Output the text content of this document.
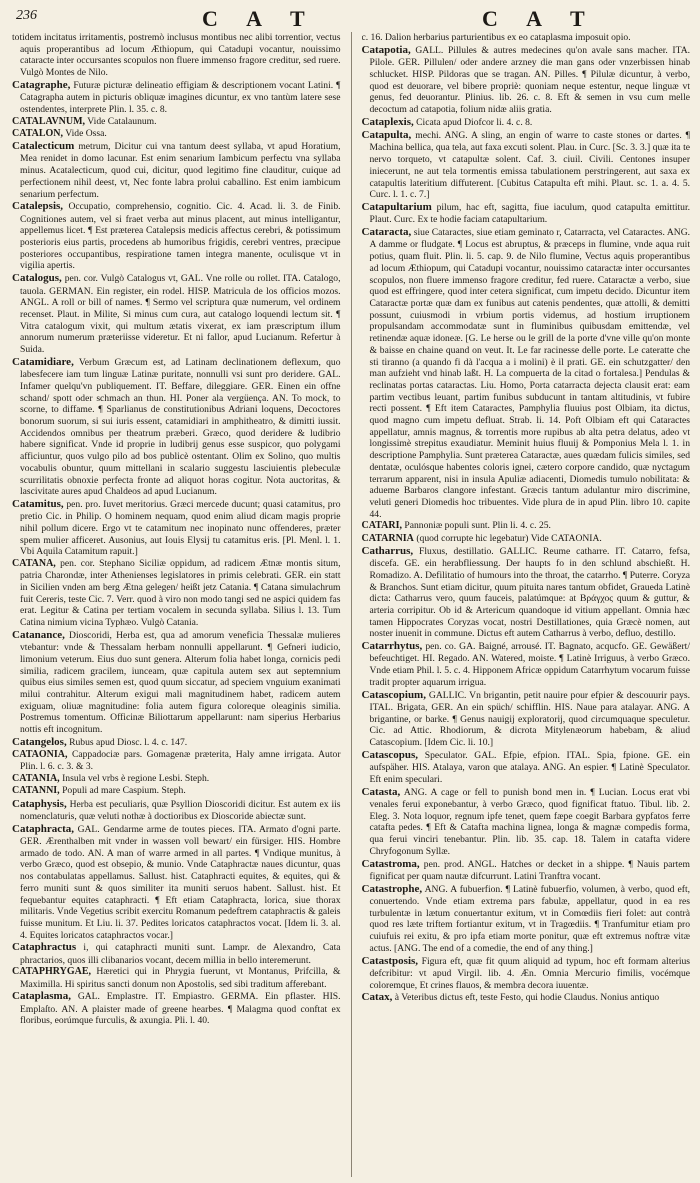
236	C A T	C A T

totidem incitatus irritamentis, postremò inclusus montibus nec alibi torrentior, vectus aquis properantibus ad locum Æthiopum, qui Catadupi vocantur, nouissimo cataracte inter occursantes scopulos non fluere immenso fragore creditur, sed ruere. Vulgò Montes de Nilo.

Catagraphe, Futuræ picturæ delineatio effigiam & descriptionem vocant Latini. ¶ Catagrapha autem in picturis obliquæ imagines dicuntur, ex vno tantùm latere sese ostendentes, interprete Plin. l. 35. c. 8.

CATALAVNUM, Vide Catalaunum.

CATALON, Vide Ossa.

Catalecticum metrum, Dicitur cui vna tantum deest syllaba, vt apud Horatium, Mea renidet in domo lacunar. Est enim senarium Iambicum perfectu vna syllaba minus. Acatalecticum, quod cui, dicitur, quod legitimo fine clauditur, cuique ad perfectionem nihil deest, vt, Nec fonte labra prolui caballino. Est enim iambicum senarium perfectum.

Catalepsis, Occupatio, comprehensio, cognitio. Cic. 4. Acad. li. 3. de Finib. Cognitiones autem, vel si fraet verba aut minus placent, aut minus intelligantur, appellemus licet. ¶ Est præterea Catalepsis medicis affectus cerebri, & potissimum posterioris eius partis, procedens ab humoribus frigidis, cerebri ventres, præcipue posteriores occupantibus, respiratione tamen integra manente, oculisque vt in vigilia apertis.

Catalogus, pen. cor. Vulgò Catalogus vt, GAL. Vne rolle ou rollet. ITA. Catalogo, tauola. GERMAN. Ein register, ein rodel. HISP. Matricula de los officios mozos. ANGL. A roll or bill of names. ¶ Sermo vel scriptura quæ numerum, vel ordinem recenset. Plaut. in Milite, Si minus cum cura, aut catalogo loquendi lectum sit. ¶ Vitra catalogum vixit, qui multum ætatis vixerat, ex iam præscriptum illum annorum numerum præteriisse videretur. Et ni fallor, apud Lucianum. Refertur à Suida.

Catamidiare, Verbum Græcum est, ad Latinam declinationem deflexum, quo labesfecere iam tum linguæ Latinæ puritate, nonnulli vsi sunt pro deridere. GAL. Infamer quelqu'vn publiquement. IT. Beffare, dileggiare. GER. Einen ein offne schand/ spott oder schmach an thun. HI. Poner ala vergüença. AN. To mock, to scorne, to diffame. ¶ Sparlianus de constitutionibus Adriani loquens, Decoctores bonorum suorum, si sui iuris essent, catamidiari in amphitheatro, & dimitti iussit. Accidendos omnibus per theatrum præberi. Græco, quod deridere & ludibrio habere significat. Vnde id proprie in ludibrij genus esse suspicor, quo polygami afficiuntur, quos vulgo pilo ad bos publicè ostentant. Olim ex Solino, quo multis vocabulis obuntur, quum mittellani in scalario suggestu lasciuientis plebeculæ scurrilitatis obnoxie perfecta fronte ad aliquot horas cogitur. Nota auctoritas, & lascivitate aures apud Chaldeos ad apud Lucianum.

Catamitus, pen. pro. Iuvet meritorius. Græci mercede ducunt; quasi catamitus, pro pretio Cic. in Philip. O hominem nequam, quod enim aliud dicam magis proprie nihil pollum dicere. Ergo vt te catamitum nec inopinato nunc offenderes, præter spem mulier afficeret. Ausonius, aut Iouis Elysij tu catamitus eris. [Pl. Menl. l. 1. Vbi Aquila Catamitum rapuit.]

CATANA, pen. cor. Stephano Siciliæ oppidum, ad radicem Ætnæ montis situm, patria Charondæ, inter Athenienses legislatores in primis celebrati. GER. ein statt in Sicilien vnden am berg Ætna gelegen/ heißt jetz Catania. ¶ Catana simulachrum fuit Cereris, teste Cic. 7. Verr. quod à viro non modo tangi sed ne aspici quidem fas erat. Legitur & Catina per tertiam vocalem in secunda syllaba. Silius l. 13. Tum Catina nimium vicina Typhæo. Vulgò Catania.

Catanance, Dioscoridi, Herba est, qua ad amorum veneficia Thessalæ mulieres vtebantur: vnde & Thessalam herbam nonnulli appellarunt. ¶ Gefneri iudicio, limonium veterum. Eius duo sunt genera. Alterum folia habet longa, cornicis pedi similia, radicem gracilem, iunceam, quæ capitula autem sex aut septemnium quibus eius similes semen est, quod quum siccatur, ad speciem vnguium exanimati milui contrahitur. Alterum exigui mali magnitudinem habet, radicem autem exiguam, oliuæ magnitudine: folia autem figura coloreque oleaginis similia. Postremus tomentum. Officinæ Biliottarum appellarunt: nam siperius Herbarius nottis eft incognitum.

Catangelos, Rubus apud Diosc. l. 4. c. 147.

CATAONIA, Cappadociæ pars. Gomagenæ præterita, Haly amne irrigata. Autor Plin. l. 6. c. 3. & 3.

CATANIA, Insula vel vrbs è regione Lesbi. Steph.

CATANNI, Populi ad mare Caspium. Steph.

Cataphysis, Herba est peculiaris, quæ Psyllion Dioscoridi dicitur. Est autem ex iis nomenclaturis, quæ veluti nothæ à doctioribus ex Dioscoride abiectæ sunt.

Cataphracta, GAL. Gendarme arme de toutes pieces. ITA. Armato d'ogni parte. GER. Ærenthalben mit vnder in wassen voll bewart/ ein fürsiger. HIS. Hombre armado de todo. AN. A man of warre armed in all partes. ¶ Vndique munitus, à verbo Græco, quod est obsepio, & munio. Vnde Cataphractæ naues dicuntur, quas nos contabulatas appellamus. Sallust. hist. Cataphracti equites, & equites, qui & ferro muniti sunt & quos similiter ita muniti seruos habent. Sallust. hist. Et fequebantur equites cataphracti. ¶ Eft etiam Cataphracta, lorica, siue thorax militaris. Vnde Vegetius scribit exercitu Romanum pedeftrem cataphractis & galeis fuisse munitum. Et Liu. li. 37. Pedites loricatos cataphractos vocat. [Idem li. 3. al. 4. Equites loricatos cataphractos vocar.]

Cataphractus i, qui cataphracti muniti sunt. Lampr. de Alexandro, Cata phractarios, quos illi clibanarios vocant, decem millia in bello interemerunt.

CATAPHRYGAE, Hæretici qui in Phrygia fuerunt, vt Montanus, Prifcilla, & Maximilla. Hi spiritus sancti donum non Apostolis, sed sibi traditum afferebant.

Cataplasma, GAL. Emplastre. IT. Empiastro. GERMA. Ein pflaster. HIS. Emplaſto. AN. A plaister made of greene hearbes. ¶ Malagma quod conftat ex floribus, eorúmque furculis, & axungia. Pli. l. 40.

c. 16. Dalion herbarius parturientibus ex eo cataplasma imposuit opio.

Catapotia, GALL. Pillules & autres medecines qu'on avale sans macher. ITA. Pilole. GER. Pillulen/ oder andere arzney die man gans oder vnzerbissen hinab schlucket. HISP. Pildoras que se tragan. AN. Pilles. ¶ Pilulæ dicuntur, à verbo, quod est deuorare, vel bibere propriè: quoniam neque estentur, neque linguæ vt genus, fed deuorantur. Plinius. lib. 26. c. 8. Eft & semen in vsu cum melle decoctum ad catapotia, folium nidæ aliis gratia.

Cataplexis, Cicata apud Diofcor li. 4. c. 8.

Catapulta, mechi. ANG. A sling, an engin of warre to caste stones or dartes. ¶ Machina bellica, qua tela, aut faxa excuti solent. Plau. in Curc. [Sc. 3. 3.] quæ ita te nervo torqueto, vt catapultæ solent. Caf. 3. ciuil. Civili. Centones insuper iniecerunt, ne aut tela tormentis emissa tabulationem perstringerent, aut saxa ex catapultis lateritium diffuterent. [Cubitus Catapulta eft mihi. Plaut. sc. 1. a. 4. 5. Curc. l. 1. c. 7.]

Catapultarium pilum, hac eft, sagitta, fiue iaculum, quod catapulta emittitur. Plaut. Curc. Ex te hodie faciam catapultarium.

Cataracta, siue Cataractes, siue etiam geminato r, Catarracta, vel Cataractes. ANG. A damme or fludgate. ¶ Locus est abruptus, & præceps in flumine, vnde aqua ruit potius, quam fluit. Plin. li. 5. cap. 9. de Nilo flumine, Vectus aquis properantibus ad locum Æthiopum, qui Catadupi vocantur, nouissimo cataractæ inter occursantes scopulos, non fluere immenso fragore creditur, fed ruere. Cataractæ a verbo, siue quod est effringere, quod inter cetera significat, cum impetu decido. Dicuntur item Cataractæ portæ quæ dam ex funibus aut catenis pendentes, quæ attolli, & demitti possunt, cuiusmodi in vrbium portis videmus, ad hostium irruptionem propulsandam accommodatæ sunt in fluminibus quibusdam emittendæ, vel retinendæ aquæ idoneæ. [G. Le herse ou le grill de la porte d'vne ville qu'on monte & baisse en chaine quand on veut. It. Le far racinesse delle porte. Le cateratte che sti tiranno (a quando fi dà l'acqua a i molini) è il prati. GE. ein schutzgatter/ den man aufzieht vnd hinab laßt. H. La compuerta de la citad o fortalesa.] Pendulas & reclinatas portas cataractas. Liu. Homo, Porta catarracta dejecta clausit erat: eam partim vectibus leuant, partim funibus subducunt in tantam altitudinis, vt fubire recti possent. ¶ Eft item Cataractes, Pamphylia fluuius post Olbiam, ita dictus, quod magno cum impetu defluat. Strab. li. 14. Poft Olbiam eft qui Cataractes appellatur, amnis magnus, & torrentis more rupibus ab alta petra delatus, adeo vt longissimè strepitus exaudiatur. Meminit huius fluuij & Pomponius Mela l. 1. in descriptione Pamphylia. Sunt præterea Cataractæ, aues quædam fulicis similes, sed dentatæ, oculósque habentes coloris ignei, cætero corpore candido, quæ nyctagum terrarum apparent, nisi in insula Apuliæ adiacenti, Diomedis tumulo nobilitata: & adueme Barbaros clangore infestant. Græcis tantum adulantur miro discrimine, veluti generi Diomedis hoc tribuentes. Vide plura de in apud Plin. libro 10. capite 44.

CATARI, Pannoniæ populi sunt. Plin li. 4. c. 25.

CATARNIA (quod corrupte hic legebatur) Vide CATAONIA.

Catharrus, Fluxus, destillatio. GALLIC. Reume catharre. IT. Catarro, fefsa, discefa. GE. ein herabfliessung. Der haupts fo in den schlund abschießt. H. Romadizo. A. Defilitatio of humours into the throat, the catarrho. ¶ Puterre. Coryza & Branchos. Sunt etiam dicitur, quum pituita nares tantum obfidet, Graueda Latinè dicta: Catharrus vero, quum fauceis, palatúmque: at Βράγχος quum & guttur, & arteria corripitur. Ob id & Artericum quandoque id vitium appellant. Omnia hæc tamen Hippocrates Coryzas vocat, nostri Destillationes, quia Græcè nomen, aut noster inuenit in commune. Dictus eft autem Catharrus à verbo, defluo, destillo.

Catarrhytus, pen. co. GA. Baigné, arrousé. IT. Bagnato, acqucfo. GE. Gewäßert/ befeuchtiget. HI. Regado. AN. Watered, moiste. ¶ Latinè Irriguus, à verbo Græco. Vnde etiam Phil. l. 5. c. 4. Hipponem Africæ oppidum Catarrhytum vocarum fuisse tradit propter aquarum irrigua.

Catascopium, GALLIC. Vn brigantin, petit nauire pour efpier & descouurir pays. ITAL. Brigata, GER. An ein spüch/ schifflin. HIS. Naue para atalayar. ANG. A brigantine, or barke. ¶ Genus nauigij exploratorij, quod circumquaque speculetur. Cic. ad Attic. Rhodiorum, & dicrota Mitylenæorum habebam, & aliud Catascopium. [Idem Cic. li. 10.]

Catascopus, Speculator. GAL. Efpie, efpion. ITAL. Spia, fpione. GE. ein aufspäher. HIS. Atalaya, varon que atalaya. ANG. An espier. ¶ Latinè Speculator. Eft enim speculari.

Catasta, ANG. A cage or fell to punish bond men in. ¶ Lucian. Locus erat vbi venales ferui exponebantur, à verbo Græco, quod fignificat ftatuo. Tibul. lib. 2. Eleg. 3. Nota loquor, regnum ipfe tenet, quem fæpe coegit Barbara gypfatos ferre catafta pedes. ¶ Eft & Catafta machina lignea, longa & magnæ compedis forma, qua ferui vinciri tenebantur. Plin. lib. 35. cap. 18. Talem in catafta videre Chryfogonum Syllæ.

Catastroma, pen. prod. ANGL. Hatches or decket in a shippe. ¶ Nauis partem fignificat per quam nautæ difcurrunt. Latini Tranftra vocant.

Catastrophe, ANG. A fubuerfion. ¶ Latinè fubuerfio, volumen, à verbo, quod eft, conuertendo. Vnde etiam extrema pars fabulæ, appellatur, quod in ea res turbulentæ in lætum conuertantur exitum, vt in Comœdiis fieri folet: aut contrà quod res læte triftem fortiantur exitum, vt in Tragœdiis. ¶ Tranfumitur etiam pro cuiufuis rei exitu, & pro ipfa etiam morte ponitur, quæ eft extremus noftræ vitæ actus. [ANG. The end of a comedie, the end of any thing.]

Catastposis, Figura eft, quæ fit quum aliquid ad typum, hoc eft formam alterius defcribitur: vt apud Virgil. lib. 4. Æn. Omnia Mercurio fimilis, vocémque coloremque, Et crines flauos, & membra decora iuuentæ.

Catax, à Veteribus dictus eft, teste Festo, qui hodie Claudus. Nonius antiquo
